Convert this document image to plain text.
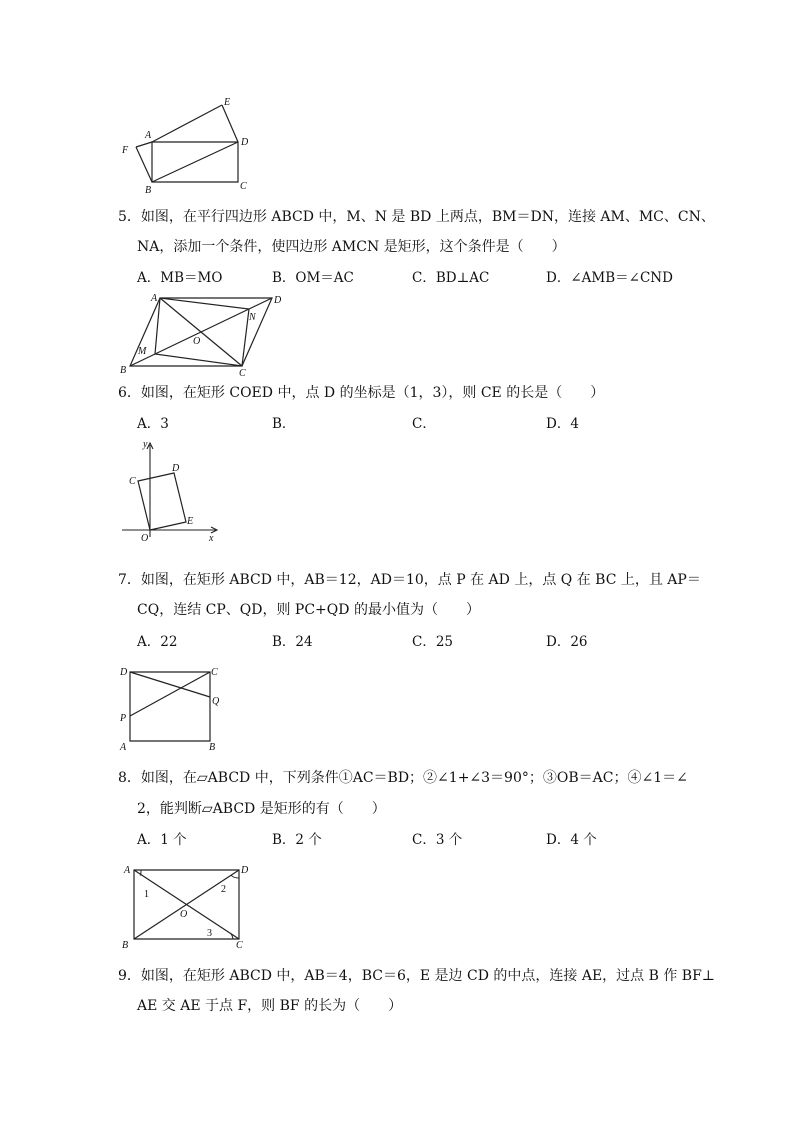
E
A
D
F
B	C
5．如图，在平行四边形 ABCD 中，M、N 是 BD 上两点，BM＝DN，连接 AM、MC、CN、
NA，添加一个条件，使四边形 AMCN 是矩形，这个条件是（　　）
A．MB＝MO	B．OM＝AC	C．BD⊥AC	D．∠AMB＝∠CND
A	D
N
O
M
B	C
6．如图，在矩形 COED 中，点 D 的坐标是（1，3），则 CE 的长是（　　）
A．3	B．	C．	D．4
y
D
C
E
O	x
7．如图，在矩形 ABCD 中，AB＝12，AD＝10，点 P 在 AD 上，点 Q 在 BC 上，且 AP＝
CQ，连结 CP、QD，则 PC+QD 的最小值为（　　）
A．22	B．24	C．25	D．26
D	C
Q
P
A	B
8．如图，在▱ABCD 中，下列条件①AC＝BD；②∠1+∠3＝90°；③OB＝AC；④∠1＝∠
2，能判断▱ABCD 是矩形的有（　　）
A．1 个	B．2 个	C．3 个	D．4 个
A	D
1	2
O
3
B	C
9．如图，在矩形 ABCD 中，AB＝4，BC＝6，E 是边 CD 的中点，连接 AE，过点 B 作 BF⊥
AE 交 AE 于点 F，则 BF 的长为（　　）
